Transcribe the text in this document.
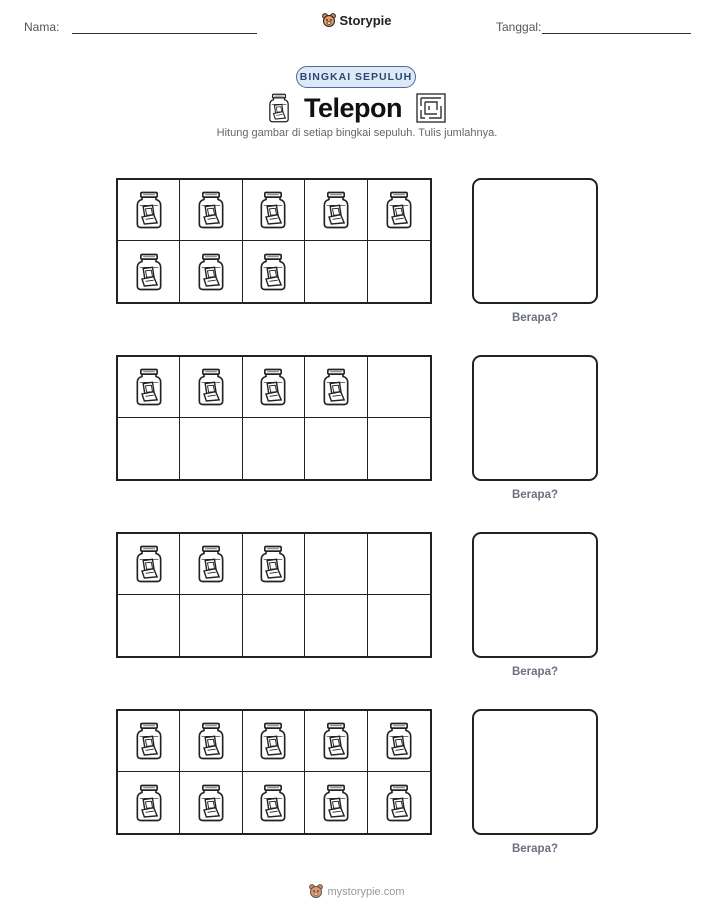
Nama:	Storypie	Tanggal:
BINGKAI SEPULUH
Telepon
Hitung gambar di setiap bingkai sepuluh. Tulis jumlahnya.
Berapa?
Berapa?
Berapa?
Berapa?
mystorypie.com
